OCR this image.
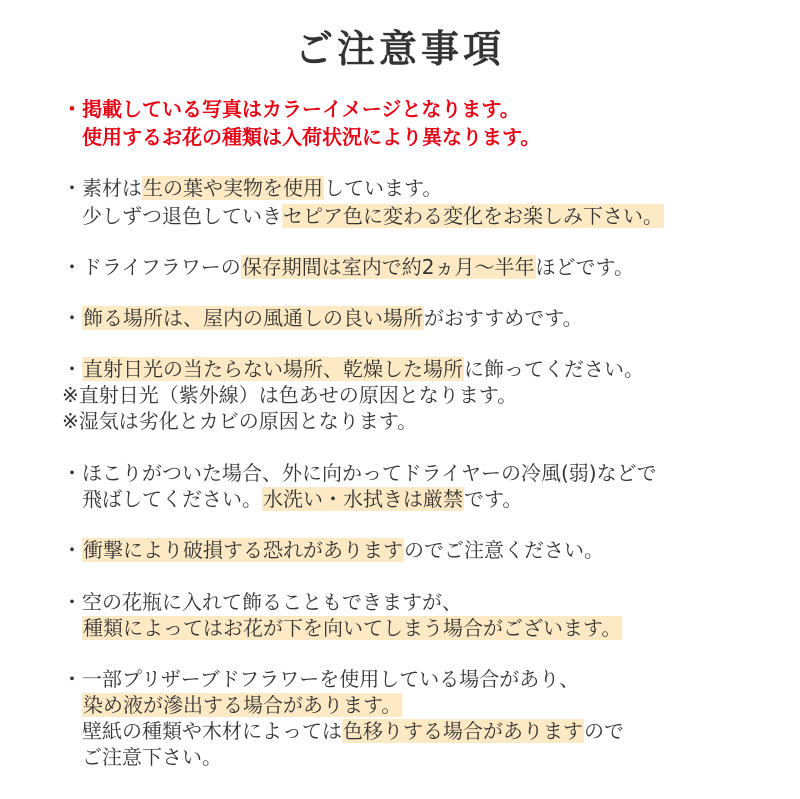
ご注意事項
・掲載している写真はカラーイメージとなります。
使用するお花の種類は入荷状況により異なります。
・素材は生の葉や実物を使用しています。
少しずつ退色していきセピア色に変わる変化をお楽しみ下さい。
・ドライフラワーの保存期間は室内で約2ヵ月〜半年ほどです。
・飾る場所は、屋内の風通しの良い場所がおすすめです。
・直射日光の当たらない場所、乾燥した場所に飾ってください。
※直射日光（紫外線）は色あせの原因となります。
※湿気は劣化とカビの原因となります。
・ほこりがついた場合、外に向かってドライヤーの冷風(弱)などで
飛ばしてください。水洗い・水拭きは厳禁です。
・衝撃により破損する恐れがありますのでご注意ください。
・空の花瓶に入れて飾ることもできますが、
種類によってはお花が下を向いてしまう場合がございます。
・一部プリザーブドフラワーを使用している場合があり、
染め液が滲出する場合があります。
壁紙の種類や木材によっては色移りする場合がありますので
ご注意下さい。
